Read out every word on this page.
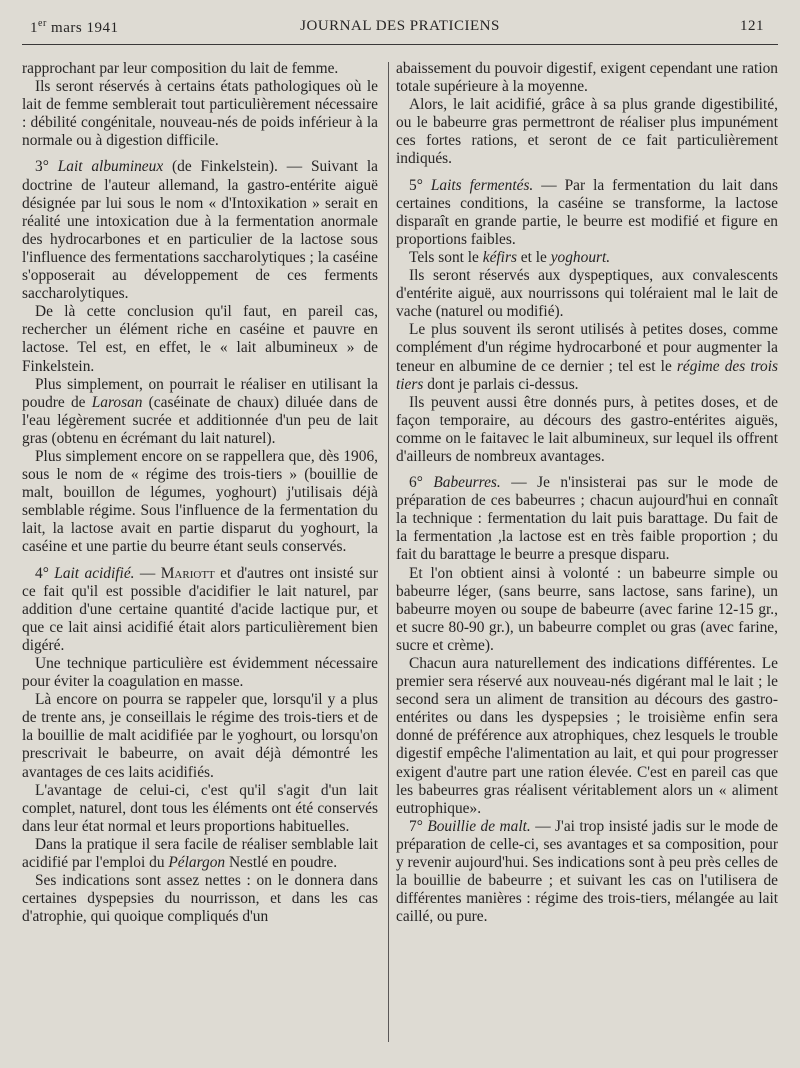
1er mars 1941	JOURNAL DES PRATICIENS	121

rapprochant par leur composition du lait de femme.

Ils seront réservés à certains états pathologiques où le lait de femme semblerait tout particulièrement nécessaire : débilité congénitale, nouveau-nés de poids inférieur à la normale ou à digestion difficile.

3° Lait albumineux (de Finkelstein). — Suivant la doctrine de l'auteur allemand, la gastro-entérite aiguë désignée par lui sous le nom « d'Intoxikation » serait en réalité une intoxication due à la fermentation anormale des hydrocarbones et en particulier de la lactose sous l'influence des fermentations saccharolytiques ; la caséine s'opposerait au développement de ces ferments saccharolytiques.

De là cette conclusion qu'il faut, en pareil cas, rechercher un élément riche en caséine et pauvre en lactose. Tel est, en effet, le « lait albumineux » de Finkelstein.

Plus simplement, on pourrait le réaliser en utilisant la poudre de Larosan (caséinate de chaux) diluée dans de l'eau légèrement sucrée et additionnée d'un peu de lait gras (obtenu en écrémant du lait naturel).

Plus simplement encore on se rappellera que, dès 1906, sous le nom de « régime des trois-tiers » (bouillie de malt, bouillon de légumes, yoghourt) j'utilisais déjà semblable régime. Sous l'influence de la fermentation du lait, la lactose avait en partie disparut du yoghourt, la caséine et une partie du beurre étant seuls conservés.

4° Lait acidifié. — Mariott et d'autres ont insisté sur ce fait qu'il est possible d'acidifier le lait naturel, par addition d'une certaine quantité d'acide lactique pur, et que ce lait ainsi acidifié était alors particulièrement bien digéré.

Une technique particulière est évidemment nécessaire pour éviter la coagulation en masse.

Là encore on pourra se rappeler que, lorsqu'il y a plus de trente ans, je conseillais le régime des trois-tiers et de la bouillie de malt acidifiée par le yoghourt, ou lorsqu'on prescrivait le babeurre, on avait déjà démontré les avantages de ces laits acidifiés.

L'avantage de celui-ci, c'est qu'il s'agit d'un lait complet, naturel, dont tous les éléments ont été conservés dans leur état normal et leurs proportions habituelles.

Dans la pratique il sera facile de réaliser semblable lait acidifié par l'emploi du Pélargon Nestlé en poudre.

Ses indications sont assez nettes : on le donnera dans certaines dyspepsies du nourrisson, et dans les cas d'atrophie, qui quoique compliqués d'un

abaissement du pouvoir digestif, exigent cependant une ration totale supérieure à la moyenne.

Alors, le lait acidifié, grâce à sa plus grande digestibilité, ou le babeurre gras permettront de réaliser plus impunément ces fortes rations, et seront de ce fait particulièrement indiqués.

5° Laits fermentés. — Par la fermentation du lait dans certaines conditions, la caséine se transforme, la lactose disparaît en grande partie, le beurre est modifié et figure en proportions faibles.

Tels sont le kéfirs et le yoghourt.

Ils seront réservés aux dyspeptiques, aux convalescents d'entérite aiguë, aux nourrissons qui toléraient mal le lait de vache (naturel ou modifié).

Le plus souvent ils seront utilisés à petites doses, comme complément d'un régime hydrocarboné et pour augmenter la teneur en albumine de ce dernier ; tel est le régime des trois tiers dont je parlais ci-dessus.

Ils peuvent aussi être donnés purs, à petites doses, et de façon temporaire, au décours des gastro-entérites aiguës, comme on le faitavec le lait albumineux, sur lequel ils offrent d'ailleurs de nombreux avantages.

6° Babeurres. — Je n'insisterai pas sur le mode de préparation de ces babeurres ; chacun aujourd'hui en connaît la technique : fermentation du lait puis barattage. Du fait de la fermentation ,la lactose est en très faible proportion ; du fait du barattage le beurre a presque disparu.

Et l'on obtient ainsi à volonté : un babeurre simple ou babeurre léger, (sans beurre, sans lactose, sans farine), un babeurre moyen ou soupe de babeurre (avec farine 12-15 gr., et sucre 80-90 gr.), un babeurre complet ou gras (avec farine, sucre et crème).

Chacun aura naturellement des indications différentes. Le premier sera réservé aux nouveau-nés digérant mal le lait ; le second sera un aliment de transition au décours des gastro-entérites ou dans les dyspepsies ; le troisième enfin sera donné de préférence aux atrophiques, chez lesquels le trouble digestif empêche l'alimentation au lait, et qui pour progresser exigent d'autre part une ration élevée. C'est en pareil cas que les babeurres gras réalisent véritablement alors un « aliment eutrophique».

7° Bouillie de malt. — J'ai trop insisté jadis sur le mode de préparation de celle-ci, ses avantages et sa composition, pour y revenir aujourd'hui. Ses indications sont à peu près celles de la bouillie de babeurre ; et suivant les cas on l'utilisera de différentes manières : régime des trois-tiers, mélangée au lait caillé, ou pure.
